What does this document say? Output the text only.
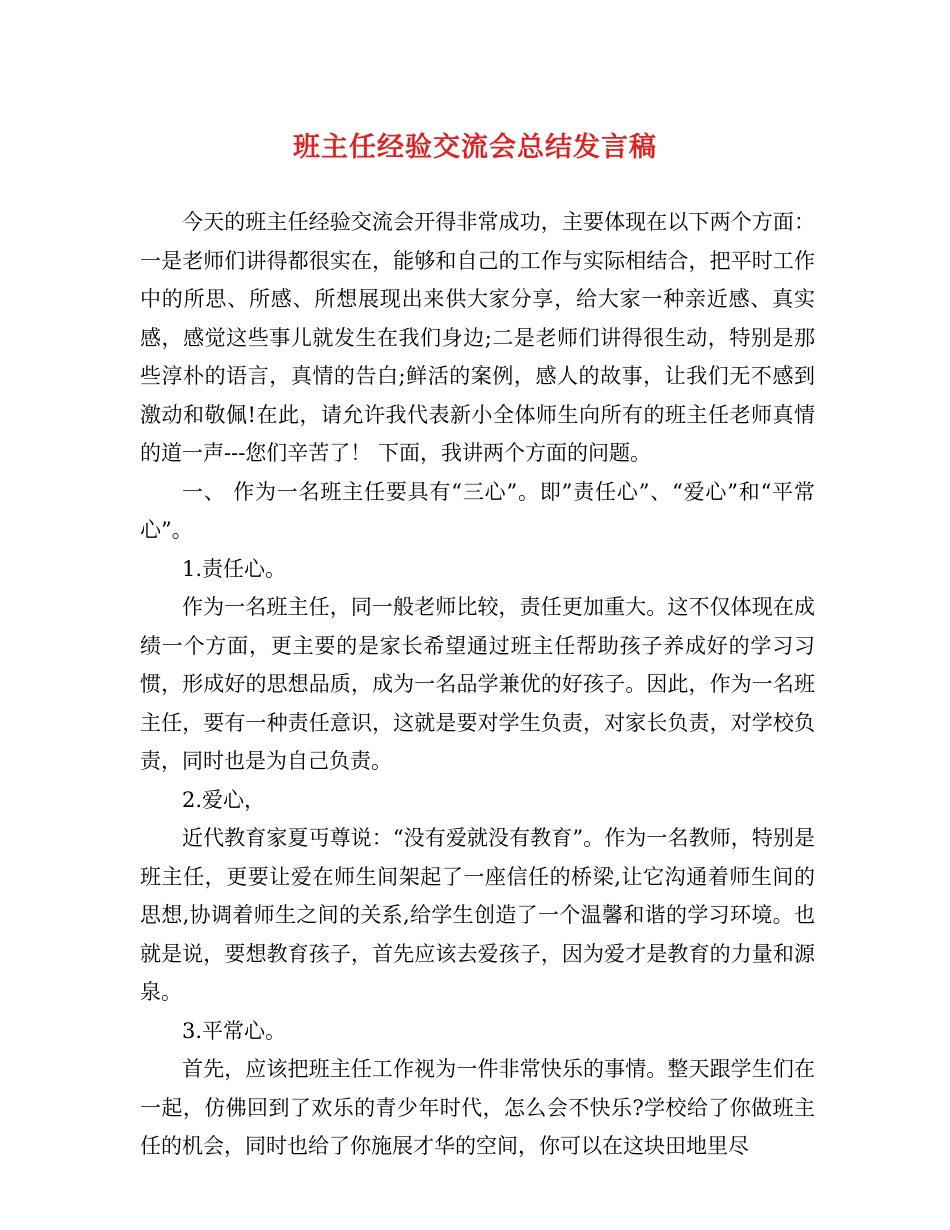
班主任经验交流会总结发言稿

今天的班主任经验交流会开得非常成功，主要体现在以下两个方面：一是老师们讲得都很实在，能够和自己的工作与实际相结合，把平时工作中的所思、所感、所想展现出来供大家分享，给大家一种亲近感、真实感，感觉这些事儿就发生在我们身边;二是老师们讲得很生动，特别是那些淳朴的语言，真情的告白;鲜活的案例，感人的故事，让我们无不感到激动和敬佩!在此，请允许我代表新小全体师生向所有的班主任老师真情的道一声---您们辛苦了！ 下面，我讲两个方面的问题。

一、 作为一名班主任要具有“三心”。即”责任心”、“爱心”和“平常心”。

1.责任心。

作为一名班主任，同一般老师比较，责任更加重大。这不仅体现在成绩一个方面，更主要的是家长希望通过班主任帮助孩子养成好的学习习惯，形成好的思想品质，成为一名品学兼优的好孩子。因此，作为一名班主任，要有一种责任意识，这就是要对学生负责，对家长负责，对学校负责，同时也是为自己负责。

2.爱心，

近代教育家夏丏尊说：“没有爱就没有教育”。作为一名教师，特别是班主任，更要让爱在师生间架起了一座信任的桥梁,让它沟通着师生间的思想,协调着师生之间的关系,给学生创造了一个温馨和谐的学习环境。也就是说，要想教育孩子，首先应该去爱孩子，因为爱才是教育的力量和源泉。

3.平常心。

首先，应该把班主任工作视为一件非常快乐的事情。整天跟学生们在一起，仿佛回到了欢乐的青少年时代，怎么会不快乐?学校给了你做班主任的机会，同时也给了你施展才华的空间，你可以在这块田地里尽
